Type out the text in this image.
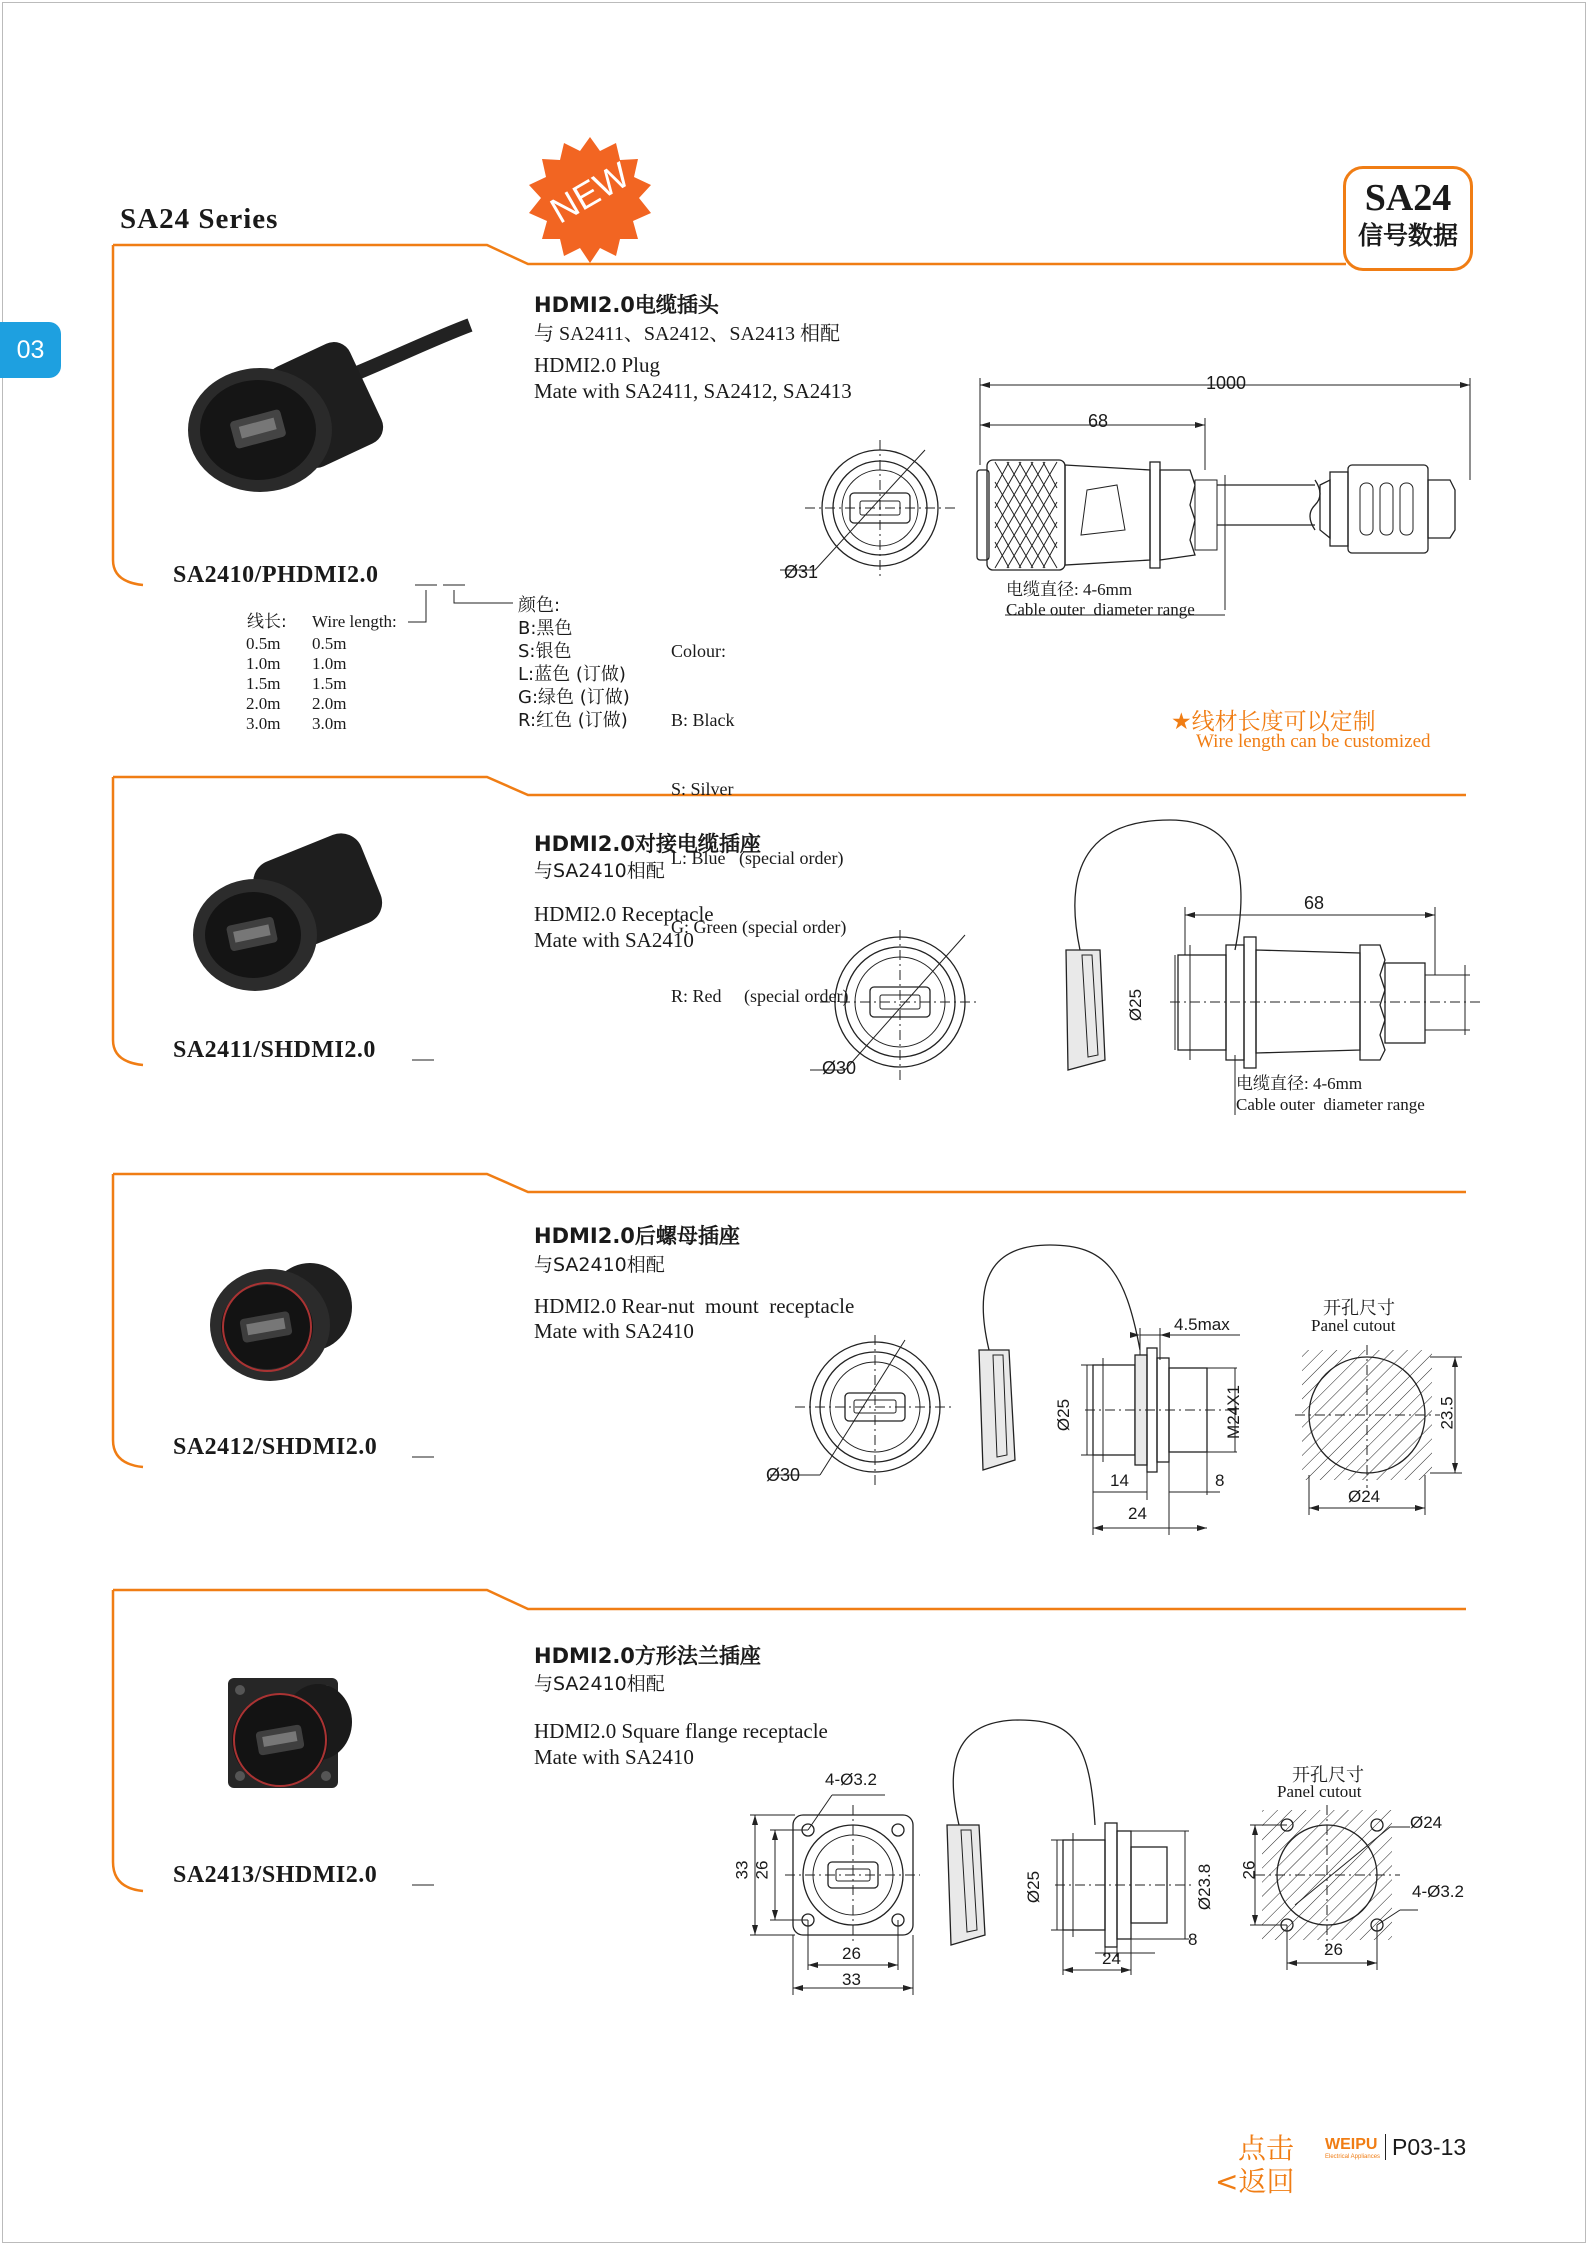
SA24 Series	NEW	SA24
信号数据
03
HDMI2.0电缆插头
与 SA2411、SA2412、SA2413 相配
HDMI2.0 Plug
Mate with SA2411, SA2412, SA2413
SA2410/PHDMI2.0
线长: Wire length:
0.5m 0.5m
1.0m 1.0m
1.5m 1.5m
2.0m 2.0m
3.0m 3.0m
颜色:
B:黑色
S:银色
L:蓝色 (订做)
G:绿色 (订做)
R:红色 (订做)

Colour:

B: Black

S: Silver

L: Blue   (special order)

G: Green (special order)

R: Red     (special order)

★线材长度可以定制
Wire length can be customized
Ø31
1000
68
电缆直径: 4-6mm
Cable outer  diameter range
HDMI2.0对接电缆插座
与SA2410相配
HDMI2.0 Receptacle
Mate with SA2410
SA2411/SHDMI2.0
Ø30
68
Ø25
电缆直径: 4-6mm
Cable outer  diameter range
HDMI2.0后螺母插座
与SA2410相配
HDMI2.0 Rear-nut  mount  receptacle
Mate with SA2410
SA2412/SHDMI2.0
Ø30
4.5max
Ø25	M24X1
14	8
24
开孔尺寸
Panel cutout
23.5
Ø24
HDMI2.0方形法兰插座
与SA2410相配
HDMI2.0 Square flange receptacle
Mate with SA2410
SA2413/SHDMI2.0
4-Ø3.2
33 26
26
33
Ø25	Ø23.8
24
8
开孔尺寸
Panel cutout
Ø24
4-Ø3.2
26
26
点击
<返回
WEIPU
Electrical Appliances P03-13
